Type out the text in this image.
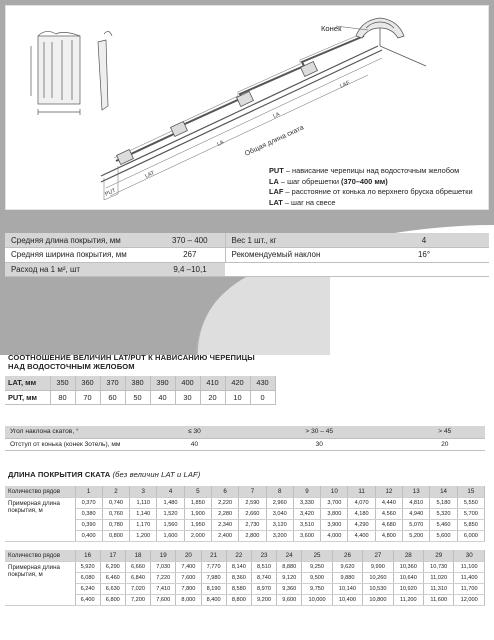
LA
LA
LAT
PUT
LAF
Общая длина ската
Конек
PUT – нависание черепицы над водосточным желобом
LA – шаг обрешетки (370–400 мм)
LAF – расстояние от конька ло верхнего бруска обрешетки
LAT – шаг на свесе
Средняя длина покрытия, мм	370 – 400	Вес 1 шт., кг	4
Средняя ширина покрытия, мм	267	Рекомендуемый наклон	16°
Расход на 1 м², шт	9,4 –10,1		
СООТНОШЕНИЕ ВЕЛИЧИН LAT/PUT К НАВИСАНИЮ ЧЕРЕПИЦЫ
НАД ВОДОСТОЧНЫМ ЖЕЛОБОМ
LAT, мм	350	360	370	380	390	400	410	420	430
PUT, мм	80	70	60	50	40	30	20	10	0
Угол наклона скатов, °	≤ 30	> 30 – 45	> 45
Отступ от конька (конек 3отель), мм	40	30	20
ДЛИНА ПОКРЫТИЯ СКАТА (без величин LAT и LAF)
Количество рядов	1	2	3	4	5	6	7	8	9	10	11	12	13	14	15
Примерная длина покрытия, м	0,370	0,740	1,110	1,480	1,850	2,220	2,590	2,960	3,330	3,700	4,070	4,440	4,810	5,180	5,550
	0,380	0,760	1,140	1,520	1,900	2,280	2,660	3,040	3,420	3,800	4,180	4,560	4,940	5,320	5,700
	0,390	0,780	1,170	1,560	1,950	2,340	2,730	3,120	3,510	3,900	4,290	4,680	5,070	5,460	5,850
	0,400	0,800	1,200	1,600	2,000	2,400	2,800	3,200	3,600	4,000	4,400	4,800	5,200	5,600	6,000
Количество рядов	16	17	18	19	20	21	22	23	24	25	26	27	28	29	30
Примерная длина покрытия, м	5,920	6,290	6,660	7,030	7,400	7,770	8,140	8,510	8,880	9,250	9,620	9,990	10,360	10,730	11,100
	6,080	6,460	6,840	7,220	7,600	7,980	8,360	8,740	9,120	9,500	9,880	10,260	10,640	11,020	11,400
	6,240	6,630	7,020	7,410	7,800	8,190	8,580	8,970	9,360	9,750	10,140	10,530	10,920	11,310	11,700
	6,400	6,800	7,200	7,600	8,000	8,400	8,800	9,200	9,600	10,000	10,400	10,800	11,200	11,600	12,000
